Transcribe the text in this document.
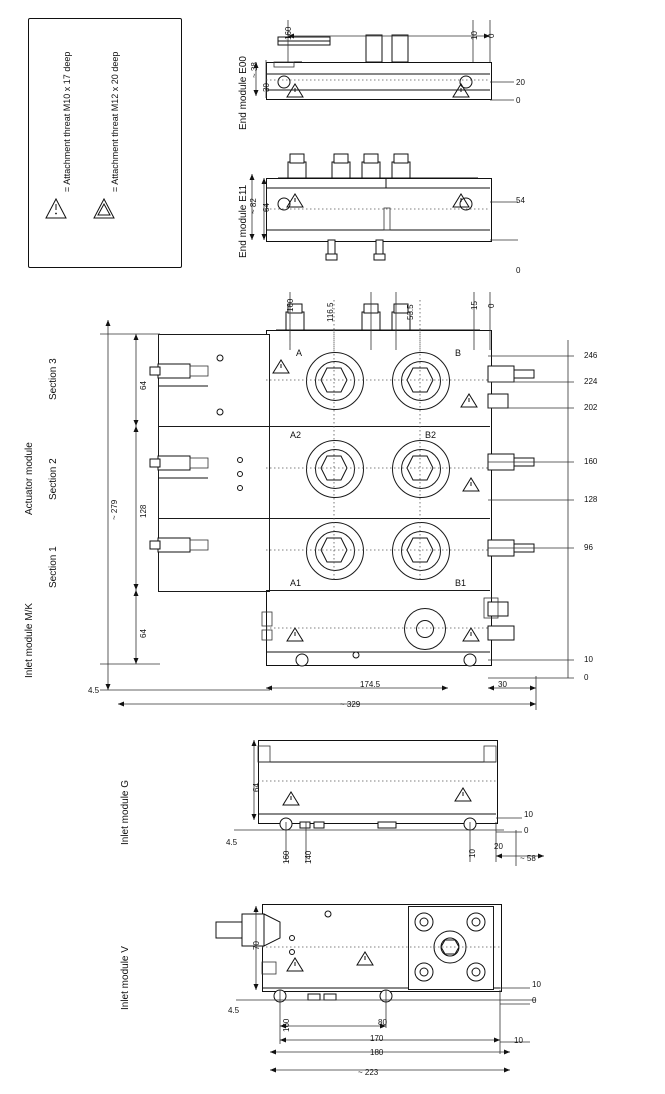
= Attachment threat M10 x 17 deep	= Attachment threat M12 x 20 deep	End module E00
160	10 0
~ 38
30
20
0
End module E11 ~ 82 64
54
0
Actuator module
Section 3
Section 2
Section 1
Inlet module M/K
A	B
A2	B2
A1	B1
160	116.5	53.5	15 0
~ 279
64
128
64
4.5
246
224
202
160
128
96
10
0
174.5	30
~ 329
Inlet module G	64
4.5
10
0
160 140	10
20
~ 58
Inlet module V
70
4.5
10
0
10
160	80
170
180
~ 223
